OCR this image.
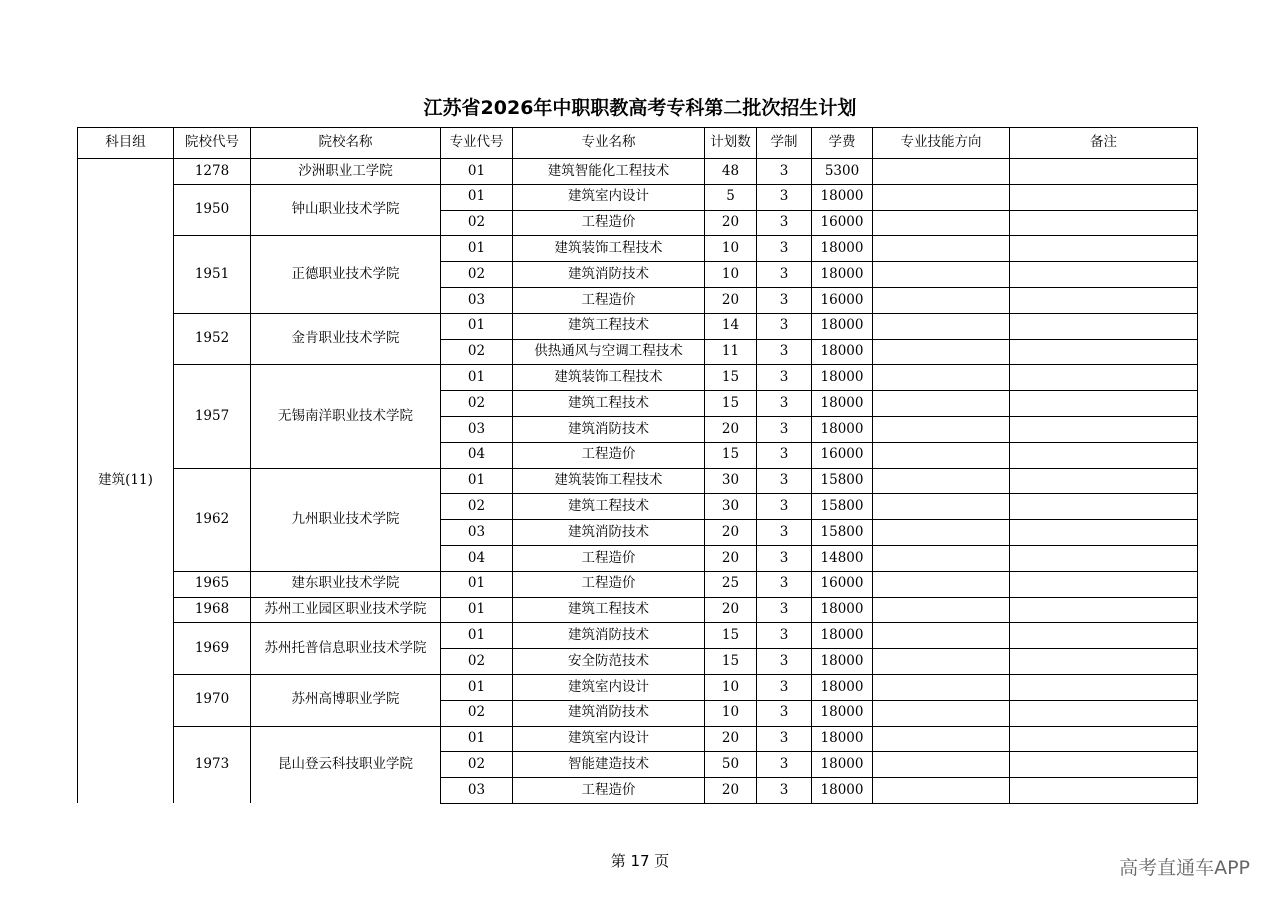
江苏省2026年中职职教高考专科第二批次招生计划
科目组	院校代号	院校名称	专业代号	专业名称	计划数	学制	学费	专业技能方向	备注
建筑(11)	1278	沙洲职业工学院	01	建筑智能化工程技术	48	3	5300		
	1950	钟山职业技术学院	01	建筑室内设计	5	3	18000		
			02	工程造价	20	3	16000		
	1951	正德职业技术学院	01	建筑装饰工程技术	10	3	18000		
			02	建筑消防技术	10	3	18000		
			03	工程造价	20	3	16000		
	1952	金肯职业技术学院	01	建筑工程技术	14	3	18000		
			02	供热通风与空调工程技术	11	3	18000		
	1957	无锡南洋职业技术学院	01	建筑装饰工程技术	15	3	18000		
			02	建筑工程技术	15	3	18000		
			03	建筑消防技术	20	3	18000		
			04	工程造价	15	3	16000		
	1962	九州职业技术学院	01	建筑装饰工程技术	30	3	15800		
			02	建筑工程技术	30	3	15800		
			03	建筑消防技术	20	3	15800		
			04	工程造价	20	3	14800		
	1965	建东职业技术学院	01	工程造价	25	3	16000		
	1968	苏州工业园区职业技术学院	01	建筑工程技术	20	3	18000		
	1969	苏州托普信息职业技术学院	01	建筑消防技术	15	3	18000		
			02	安全防范技术	15	3	18000		
	1970	苏州高博职业学院	01	建筑室内设计	10	3	18000		
			02	建筑消防技术	10	3	18000		
	1973	昆山登云科技职业学院	01	建筑室内设计	20	3	18000		
			02	智能建造技术	50	3	18000		
			03	工程造价	20	3	18000		
第 17 页	高考直通车APP
